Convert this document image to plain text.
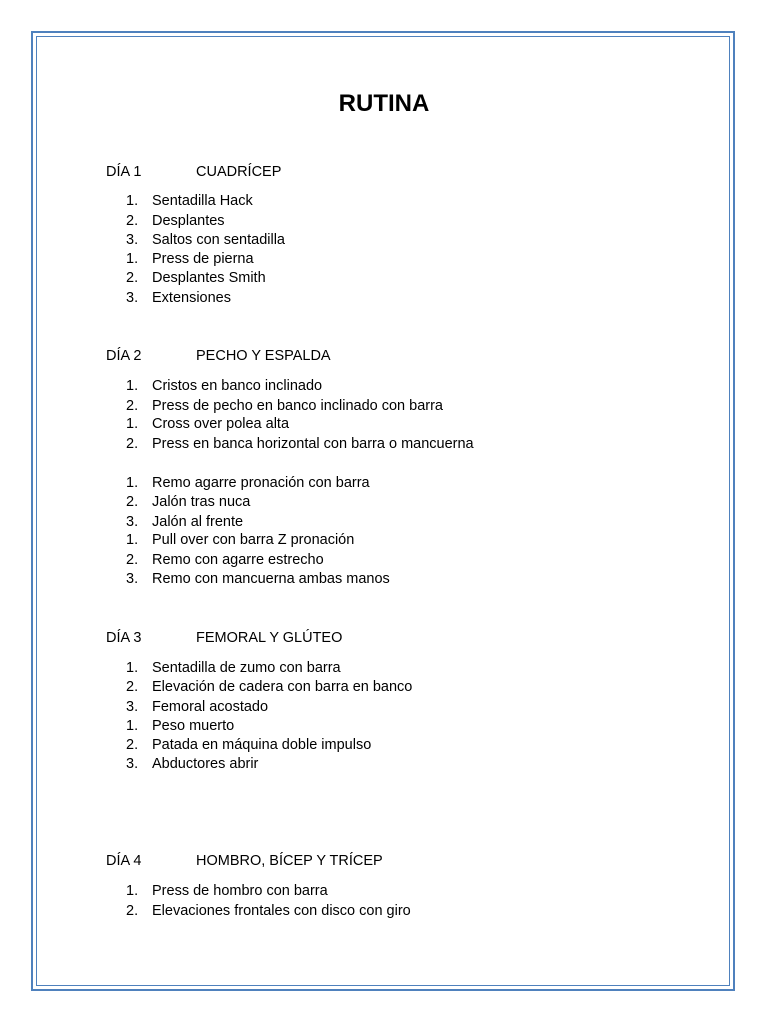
RUTINA
DÍA 1	CUADRÍCEP
1. Sentadilla Hack
2. Desplantes
3. Saltos con sentadilla
1. Press de pierna
2. Desplantes Smith
3. Extensiones
DÍA 2	PECHO Y ESPALDA
1. Cristos en banco inclinado
2. Press de pecho en banco inclinado con barra
1. Cross over polea alta
2. Press en banca horizontal con barra o mancuerna
1. Remo agarre pronación con barra
2. Jalón tras nuca
3. Jalón al frente
1. Pull over con barra Z pronación
2. Remo con agarre estrecho
3. Remo con mancuerna ambas manos
DÍA 3	FEMORAL Y GLÚTEO
1. Sentadilla de zumo con barra
2. Elevación de cadera con barra en banco
3. Femoral acostado
1. Peso muerto
2. Patada en máquina doble impulso
3. Abductores abrir
DÍA 4	HOMBRO, BÍCEP Y TRÍCEP
1. Press de hombro con barra
2. Elevaciones frontales con disco con giro
